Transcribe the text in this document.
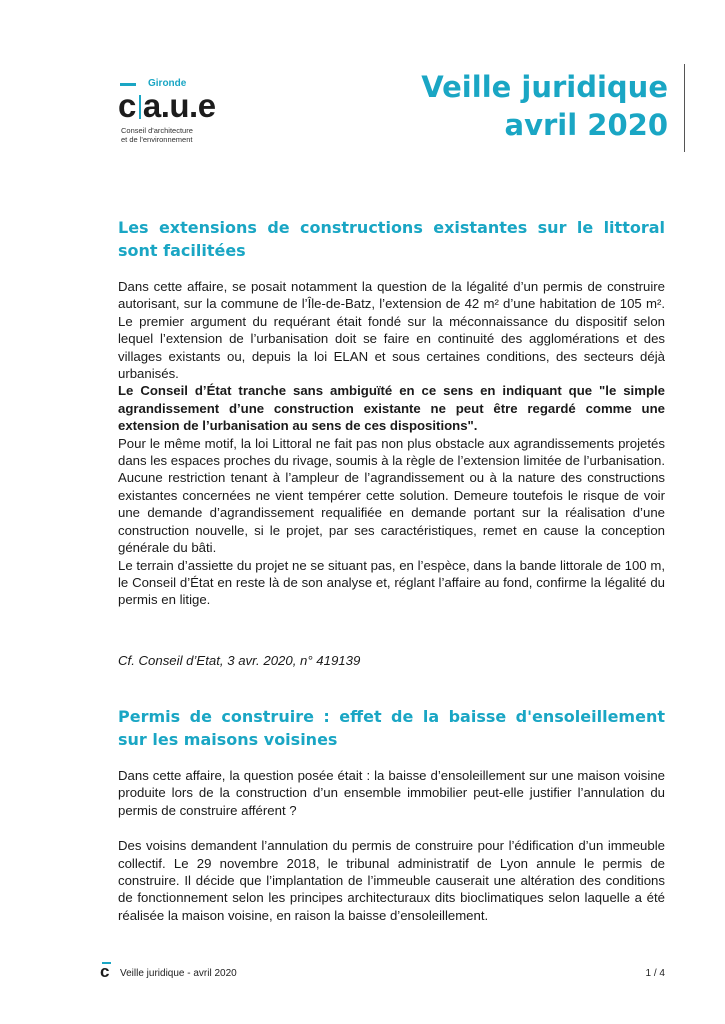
Gironde
c a.u.e
Conseil d'architecture
et de l'environnement
Veille juridique
avril 2020
Les extensions de constructions existantes sur le littoral sont facilitées

Dans cette affaire, se posait notamment la question de la légalité d’un permis de construire autorisant, sur la commune de l’Île-de-Batz, l’extension de 42 m² d’une habitation de 105 m². Le premier argument du requérant était fondé sur la méconnaissance du dispositif selon lequel l’extension de l’urbanisation doit se faire en continuité des agglomérations et des villages existants ou, depuis la loi ELAN et sous certaines conditions, des secteurs déjà urbanisés.

Le Conseil d’État tranche sans ambiguïté en ce sens en indiquant que "le simple agrandissement d’une construction existante ne peut être regardé comme une extension de l’urbanisation au sens de ces dispositions".

Pour le même motif, la loi Littoral ne fait pas non plus obstacle aux agrandissements projetés dans les espaces proches du rivage, soumis à la règle de l’extension limitée de l’urbanisation. Aucune restriction tenant à l’ampleur de l’agrandissement ou à la nature des constructions existantes concernées ne vient tempérer cette solution. Demeure toutefois le risque de voir une demande d’agrandissement requalifiée en demande portant sur la réalisation d’une construction nouvelle, si le projet, par ses caractéristiques, remet en cause la conception générale du bâti.

Le terrain d’assiette du projet ne se situant pas, en l’espèce, dans la bande littorale de 100 m, le Conseil d’État en reste là de son analyse et, réglant l’affaire au fond, confirme la légalité du permis en litige.

Cf. Conseil d’Etat, 3 avr. 2020, n° 419139
Permis de construire : effet de la baisse d'ensoleillement sur les maisons voisines

Dans cette affaire, la question posée était : la baisse d’ensoleillement sur une maison voisine produite lors de la construction d’un ensemble immobilier peut-elle justifier l’annulation du permis de construire afférent ?

Des voisins demandent l’annulation du permis de construire pour l’édification d’un immeuble collectif. Le 29 novembre 2018, le tribunal administratif de Lyon annule le permis de construire. Il décide que l’implantation de l’immeuble causerait une altération des conditions de fonctionnement selon les principes architecturaux dits bioclimatiques selon laquelle a été réalisée la maison voisine, en raison la baisse d’ensoleillement.

c Veille juridique - avril 2020	1 / 4
